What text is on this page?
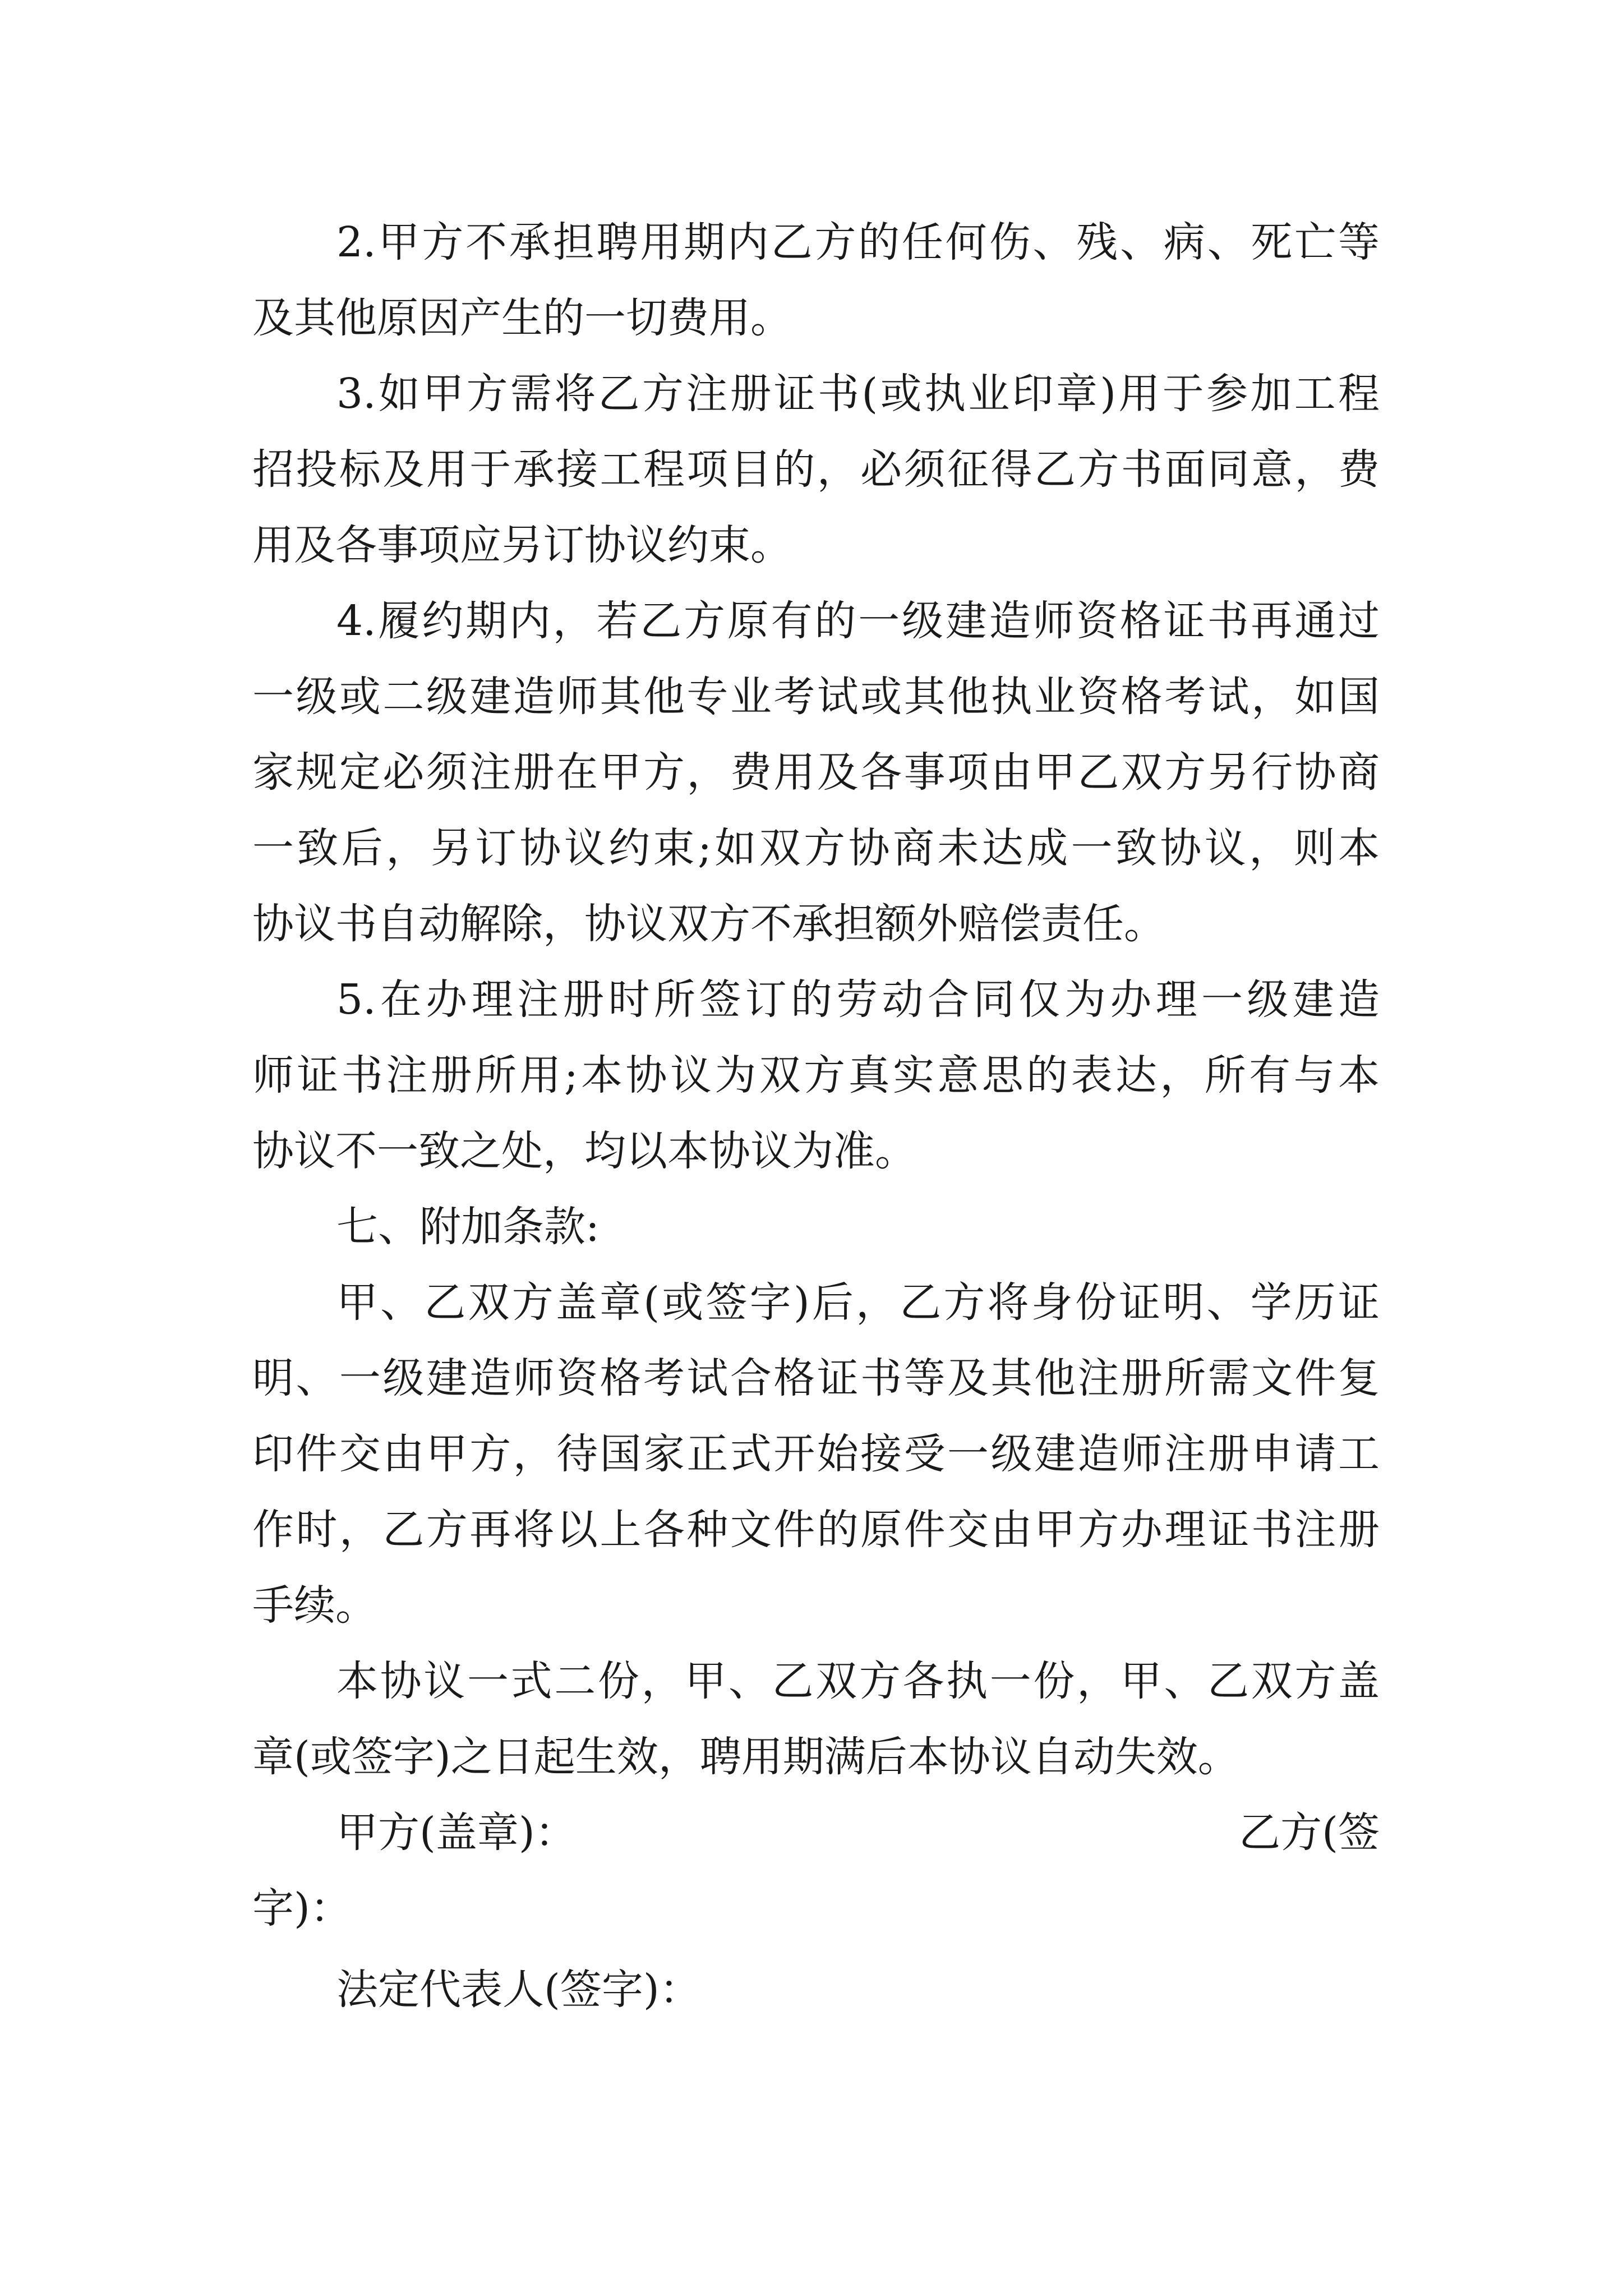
2.甲方不承担聘用期内乙方的任何伤、残、病、死亡等
及其他原因产生的一切费用。
3.如甲方需将乙方注册证书(或执业印章)用于参加工程
招投标及用于承接工程项目的，必须征得乙方书面同意，费
用及各事项应另订协议约束。
4.履约期内，若乙方原有的一级建造师资格证书再通过
一级或二级建造师其他专业考试或其他执业资格考试，如国
家规定必须注册在甲方，费用及各事项由甲乙双方另行协商
一致后，另订协议约束;如双方协商未达成一致协议，则本
协议书自动解除，协议双方不承担额外赔偿责任。
5.在办理注册时所签订的劳动合同仅为办理一级建造
师证书注册所用;本协议为双方真实意思的表达，所有与本
协议不一致之处，均以本协议为准。
七、附加条款:
甲、乙双方盖章(或签字)后，乙方将身份证明、学历证
明、一级建造师资格考试合格证书等及其他注册所需文件复
印件交由甲方，待国家正式开始接受一级建造师注册申请工
作时，乙方再将以上各种文件的原件交由甲方办理证书注册
手续。
本协议一式二份，甲、乙双方各执一份，甲、乙双方盖
章(或签字)之日起生效，聘用期满后本协议自动失效。
甲方(盖章)：	乙方(签
字)：
法定代表人(签字)：
